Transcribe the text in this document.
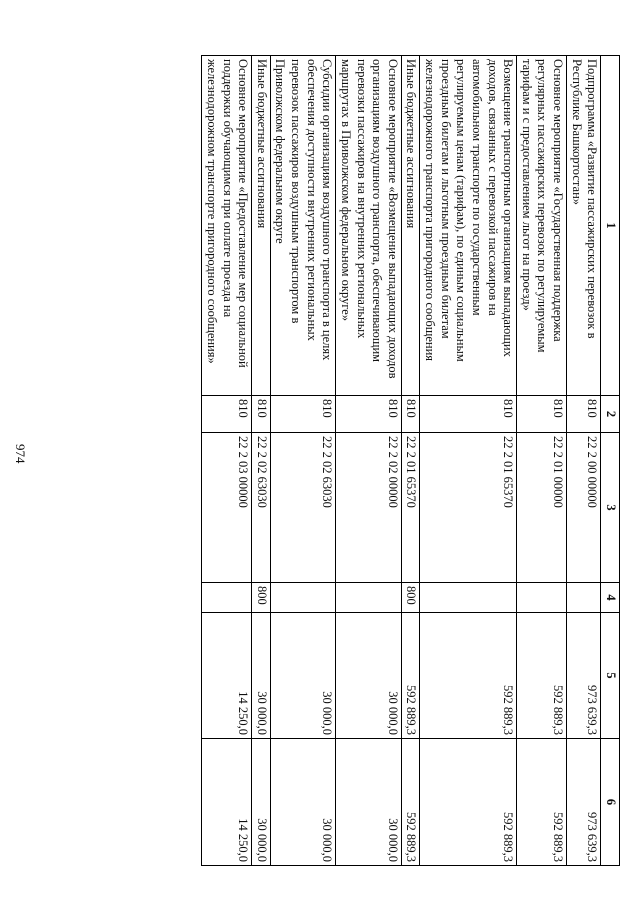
974
1	2	3	4	5	6
Подпрограмма «Развитие пассажирских перевозок в Республике Башкортостан»	810	22 2 00 00000		973 639,3	973 639,3
Основное мероприятие «Государственная поддержка регулярных пассажирских перевозок по регулируемым тарифам и с предоставлением льгот на проезд»	810	22 2 01 00000		592 889,3	592 889,3
Возмещение транспортным организациям выпадающих доходов, связанных с перевозкой пассажиров на автомобильном транспорте по государственным регулируемым ценам (тарифам), по единым социальным проездным билетам и льготным проездным билетам железнодорожного транспорта пригородного сообщения	810	22 2 01 65370		592 889,3	592 889,3
Иные бюджетные ассигнования	810	22 2 01 65370	800	592 889,3	592 889,3
Основное мероприятие «Возмещение выпадающих доходов организациям воздушного транспорта, обеспечивающим перевозки пассажиров на внутренних региональных маршрутах в Приволжском федеральном округе»	810	22 2 02 00000		30 000,0	30 000,0
Субсидии организациям воздушного транспорта в целях обеспечения доступности внутренних региональных перевозок пассажиров воздушным транспортом в Приволжском федеральном округе	810	22 2 02 63030		30 000,0	30 000,0
Иные бюджетные ассигнования	810	22 2 02 63030	800	30 000,0	30 000,0
Основное мероприятие «Предоставление мер социальной поддержки обучающимся при оплате проезда на железнодорожном транспорте пригородного сообщения»	810	22 2 03 00000		14 250,0	14 250,0
